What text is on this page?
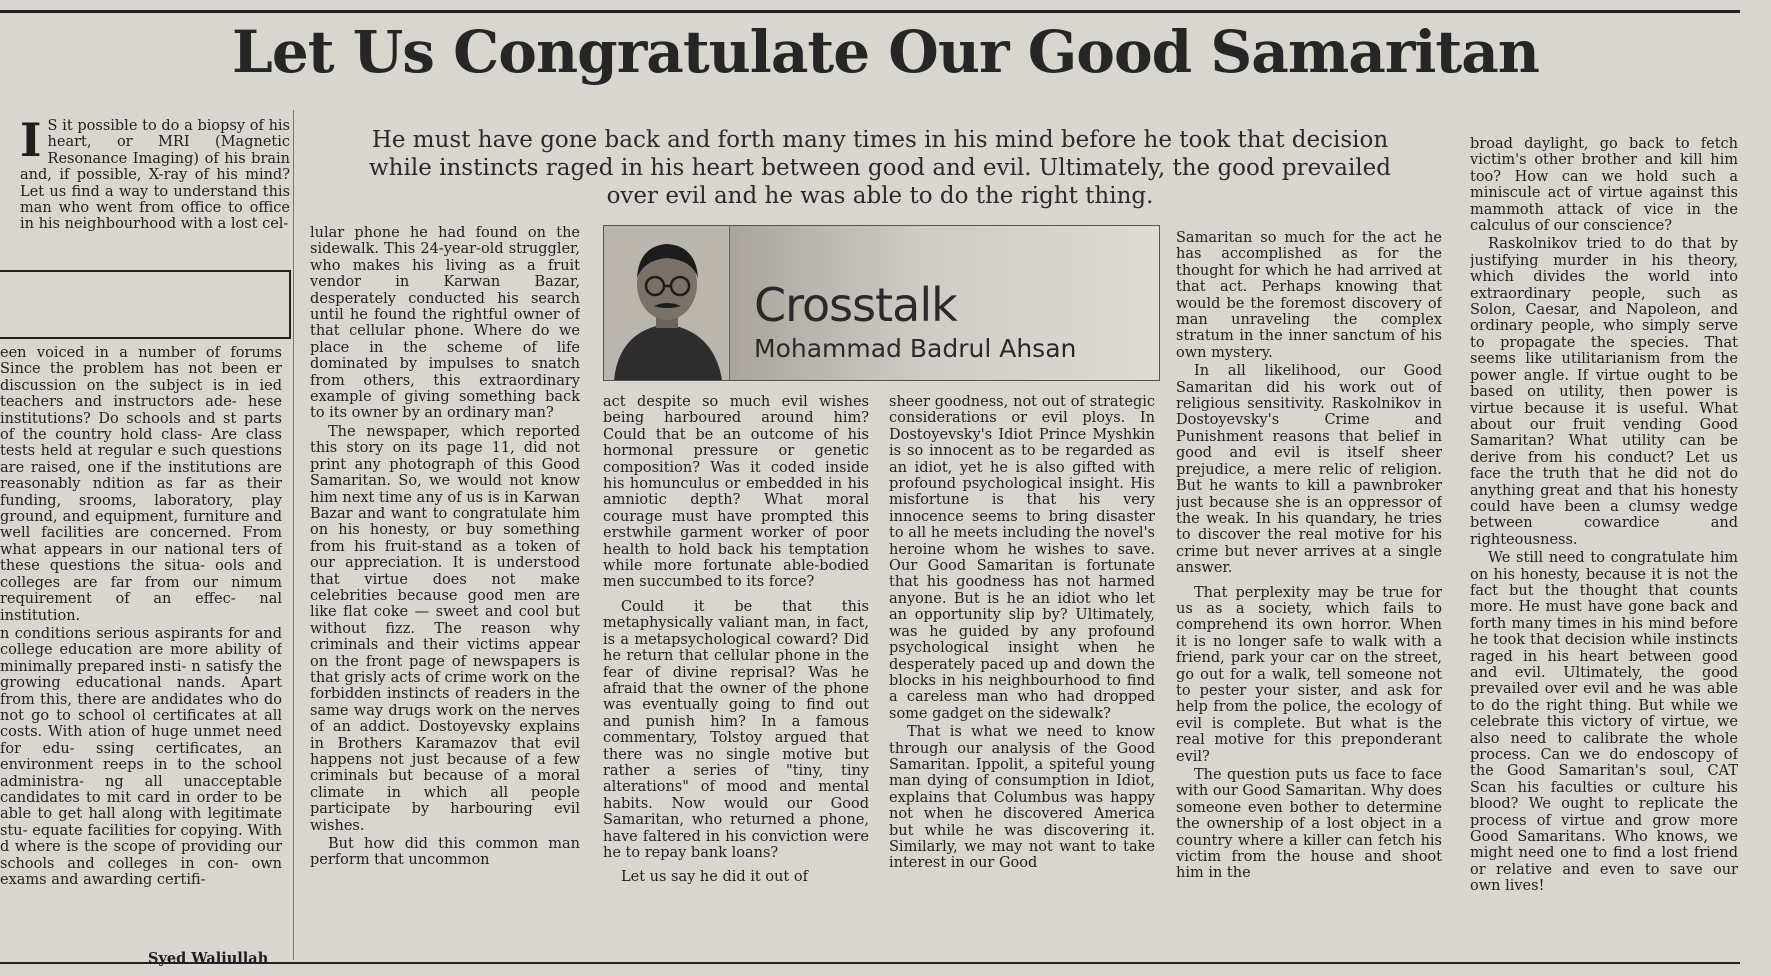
Let Us Congratulate Our Good Samaritan
He must have gone back and forth many times in his mind before he took that decision
while instincts raged in his heart between good and evil. Ultimately, the good prevailed
over evil and he was able to do the right thing.
I S it possible to do a biopsy of his heart, or MRI (Magnetic Resonance Imaging) of his brain and, if possible, X-ray of his mind? Let us find a way to understand this man who went from office to office in his neighbourhood with a lost cel-

een voiced in a number of forums Since the problem has not been er discussion on the subject is in ied teachers and instructors ade- hese institutions? Do schools and st parts of the country hold class- Are class tests held at regular e such questions are raised, one if the institutions are reasonably ndition as far as their funding, srooms, laboratory, play ground, and equipment, furniture and well facilities are concerned. From what appears in our national ters of these questions the situa- ools and colleges are far from our nimum requirement of an effec- nal institution.

n conditions serious aspirants for and college education are more ability of minimally prepared insti- n satisfy the growing educational nands. Apart from this, there are andidates who do not go to school ol certificates at all costs. With ation of huge unmet need for edu- ssing certificates, an environment reeps in to the school administra- ng all unacceptable candidates to mit card in order to be able to get hall along with legitimate stu- equate facilities for copying. With d where is the scope of providing our schools and colleges in con- own exams and awarding certifi-

Syed Waliullah
Crosstalk
Mohammad Badrul Ahsan

lular phone he had found on the sidewalk. This 24-year-old struggler, who makes his living as a fruit vendor in Karwan Bazar, desperately conducted his search until he found the rightful owner of that cellular phone. Where do we place in the scheme of life dominated by impulses to snatch from others, this extraordinary example of giving something back to its owner by an ordinary man?

The newspaper, which reported this story on its page 11, did not print any photograph of this Good Samaritan. So, we would not know him next time any of us is in Karwan Bazar and want to congratulate him on his honesty, or buy something from his fruit-stand as a token of our appreciation. It is understood that virtue does not make celebrities because good men are like flat coke — sweet and cool but without fizz. The reason why criminals and their victims appear on the front page of newspapers is that grisly acts of crime work on the forbidden instincts of readers in the same way drugs work on the nerves of an addict. Dostoyevsky explains in Brothers Karamazov that evil happens not just because of a few criminals but because of a moral climate in which all people participate by harbouring evil wishes.

But how did this common man perform that uncommon

act despite so much evil wishes being harboured around him? Could that be an outcome of his hormonal pressure or genetic composition? Was it coded inside his homunculus or embedded in his amniotic depth? What moral courage must have prompted this erstwhile garment worker of poor health to hold back his temptation while more fortunate able-bodied men succumbed to its force?

Could it be that this metaphysically valiant man, in fact, is a metapsychological coward? Did he return that cellular phone in the fear of divine reprisal? Was he afraid that the owner of the phone was eventually going to find out and punish him? In a famous commentary, Tolstoy argued that there was no single motive but rather a series of "tiny, tiny alterations" of mood and mental habits. Now would our Good Samaritan, who returned a phone, have faltered in his conviction were he to repay bank loans?

Let us say he did it out of

sheer goodness, not out of strategic considerations or evil ploys. In Dostoyevsky's Idiot Prince Myshkin is so innocent as to be regarded as an idiot, yet he is also gifted with profound psychological insight. His misfortune is that his very innocence seems to bring disaster to all he meets including the novel's heroine whom he wishes to save. Our Good Samaritan is fortunate that his goodness has not harmed anyone. But is he an idiot who let an opportunity slip by? Ultimately, was he guided by any profound psychological insight when he desperately paced up and down the blocks in his neighbourhood to find a careless man who had dropped some gadget on the sidewalk?

That is what we need to know through our analysis of the Good Samaritan. Ippolit, a spiteful young man dying of consumption in Idiot, explains that Columbus was happy not when he discovered America but while he was discovering it. Similarly, we may not want to take interest in our Good

Samaritan so much for the act he has accomplished as for the thought for which he had arrived at that act. Perhaps knowing that would be the foremost discovery of man unraveling the complex stratum in the inner sanctum of his own mystery.

In all likelihood, our Good Samaritan did his work out of religious sensitivity. Raskolnikov in Dostoyevsky's Crime and Punishment reasons that belief in good and evil is itself sheer prejudice, a mere relic of religion. But he wants to kill a pawnbroker just because she is an oppressor of the weak. In his quandary, he tries to discover the real motive for his crime but never arrives at a single answer.

That perplexity may be true for us as a society, which fails to comprehend its own horror. When it is no longer safe to walk with a friend, park your car on the street, go out for a walk, tell someone not to pester your sister, and ask for help from the police, the ecology of evil is complete. But what is the real motive for this preponderant evil?

The question puts us face to face with our Good Samaritan. Why does someone even bother to determine the ownership of a lost object in a country where a killer can fetch his victim from the house and shoot him in the

broad daylight, go back to fetch victim's other brother and kill him too? How can we hold such a miniscule act of virtue against this mammoth attack of vice in the calculus of our conscience?

Raskolnikov tried to do that by justifying murder in his theory, which divides the world into extraordinary people, such as Solon, Caesar, and Napoleon, and ordinary people, who simply serve to propagate the species. That seems like utilitarianism from the power angle. If virtue ought to be based on utility, then power is virtue because it is useful. What about our fruit vending Good Samaritan? What utility can be derive from his conduct? Let us face the truth that he did not do anything great and that his honesty could have been a clumsy wedge between cowardice and righteousness.

We still need to congratulate him on his honesty, because it is not the fact but the thought that counts more. He must have gone back and forth many times in his mind before he took that decision while instincts raged in his heart between good and evil. Ultimately, the good prevailed over evil and he was able to do the right thing. But while we celebrate this victory of virtue, we also need to calibrate the whole process. Can we do endoscopy of the Good Samaritan's soul, CAT Scan his faculties or culture his blood? We ought to replicate the process of virtue and grow more Good Samaritans. Who knows, we might need one to find a lost friend or relative and even to save our own lives!
